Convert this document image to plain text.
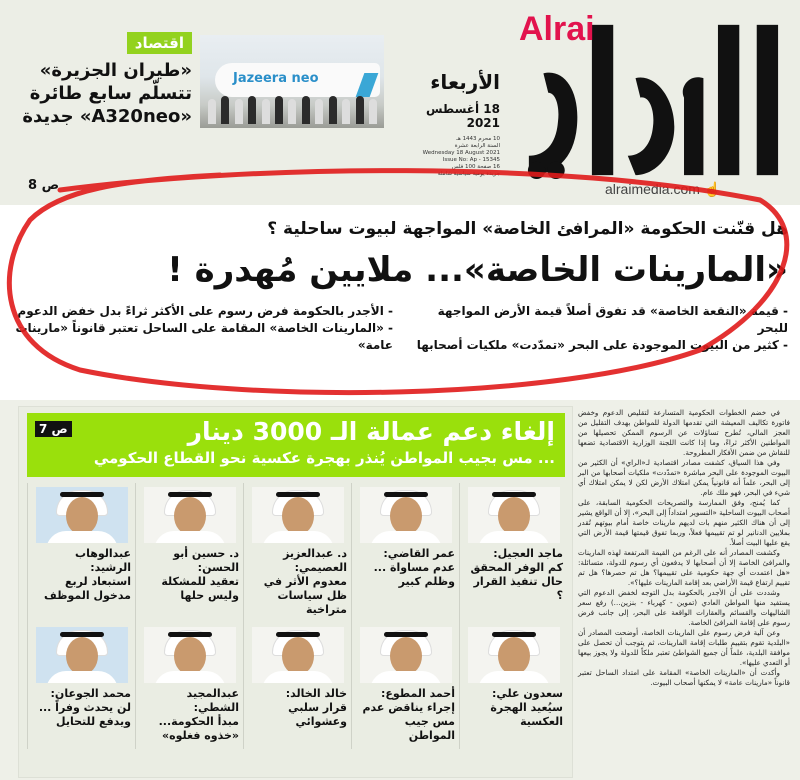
اقتصاد
«طيران الجزيرة» تتسلّم سابع طائرة «A320neo» جديدة
ص 8
Jazeera neo	الأربعاء
18 أغسطس 2021
10 محرم 1443 هـ
السنة الرابعة عشرة
Wednesday 18 August 2021
Issue No: Ap - 15345
16 صفحة 100 فلس
جريدة يومية سياسية شاملة
Alrai
alraimedia.com ☝
هل قنّنت الحكومة «المرافئ الخاصة» المواجهة لبيوت ساحلية ؟
«المارينات الخاصة»... ملايين مُهدرة !
- قيمة «النقعة الخاصة» قد تفوق أصلاً قيمة الأرض المواجهة للبحر
- كثير من البيوت الموجودة على البحر «تمدّدت» ملكيات أصحابها
- الأجدر بالحكومة فرض رسوم على الأكثر ثراءً بدل خفض الدعوم
- «المارينات الخاصة» المقامة على الساحل تعتبر قانوناً «مارينات عامة»
إلغاء دعم عمالة الـ 3000 دينار
... مس بجيب المواطن يُنذر بهجرة عكسية نحو القطاع الحكومي
ص 7
ماجد العجيل:
كم الوفر المحقق حال تنفيذ القرار ؟
عمر القاضي:
عدم مساواة ... وظلم كبير
د. عبدالعزيز العصيمي:
معدوم الأثر في ظل سياسات متراخية
د. حسين أبو الحسن:
تعقيد للمشكلة وليس حلها
عبدالوهاب الرشيد:
استبعاد لربع مدخول الموظف
سعدون علي:
سيُعيد الهجرة العكسية
أحمد المطوع:
إجراء يناقض عدم مس جيب المواطن
خالد الخالد:
قرار سلبي وعشوائي
عبدالمجيد الشطي:
مبدأ الحكومة... «خذوه فغلوه»
محمد الجوعان:
لن يحدث وفراً ... ويدفع للتحايل

في خضم الخطوات الحكومية المتسارعة لتقليص الدعوم وخفض فاتورة تكاليف المعيشة التي تقدمها الدولة للمواطن بهدف التقليل من العجز المالي، تُطرح تساؤلات عن الرسوم الممكن تحصيلها من المواطنين الأكثر ثراءً، وما إذا كانت اللجنة الوزارية الاقتصادية تضعها للنقاش من ضمن الأفكار المطروحة.

وفي هذا السياق، كشفت مصادر اقتصادية لـ«الراي» أن الكثير من البيوت الموجودة على البحر مباشرة «تمدّدت» ملكيات أصحابها من البر إلى البحر، علماً أنه قانونياً يمكن امتلاك الأرض لكن لا يمكن امتلاك أي شيء في البحر، فهو ملك عام.

كما يُمنح، وفق الممارسة والتصريحات الحكومية السابقة، على أصحاب البيوت الساحلية «التسوير امتداداً إلى البحر»، إلا أن الواقع يشير إلى أن هناك الكثير منهم بات لديهم مارينات خاصة أمام بيوتهم تُقدر بملايين الدنانير لو تم تقييمها فعلاً، وربما تفوق قيمتها قيمة الأرض التي يقع عليها البيت أصلاً.

وكشفت المصادر أنه على الرغم من القيمة المرتفعة لهذه المارينات والمرافئ الخاصة إلا أن أصحابها لا يدفعون أي رسوم للدولة، متسائلة: «هل اعتمدت أي جهة حكومية على تقييمها؟ هل تم حصرها؟ هل تم تقييم ارتفاع قيمة الأراضي بعد إقامة المارينات عليها؟».

وشددت على أن الأجدر بالحكومة بدل التوجه لخفض الدعوم التي يستفيد منها المواطن العادي (تموين - كهرباء - بنزين...) رفع سعر الشاليهات والقسائم والعقارات الواقعة على البحر، إلى جانب فرض رسوم على إقامة المرافئ الخاصة.

وعن آلية فرض رسوم على المارينات الخاصة، أوضحت المصادر أن «البلدية تقوم بتقييم طلبات إقامة المارينات، ثم يتوجب أن تحصل على موافقة البلدية، علماً أن جميع الشواطئ تعتبر ملكاً للدولة ولا يجوز بيعها أو التعدي عليها».

وأكدت أن «المارينات الخاصة» المقامة على امتداد الساحل تعتبر قانوناً «مارينات عامة» لا يمكنها أصحاب البيوت.
